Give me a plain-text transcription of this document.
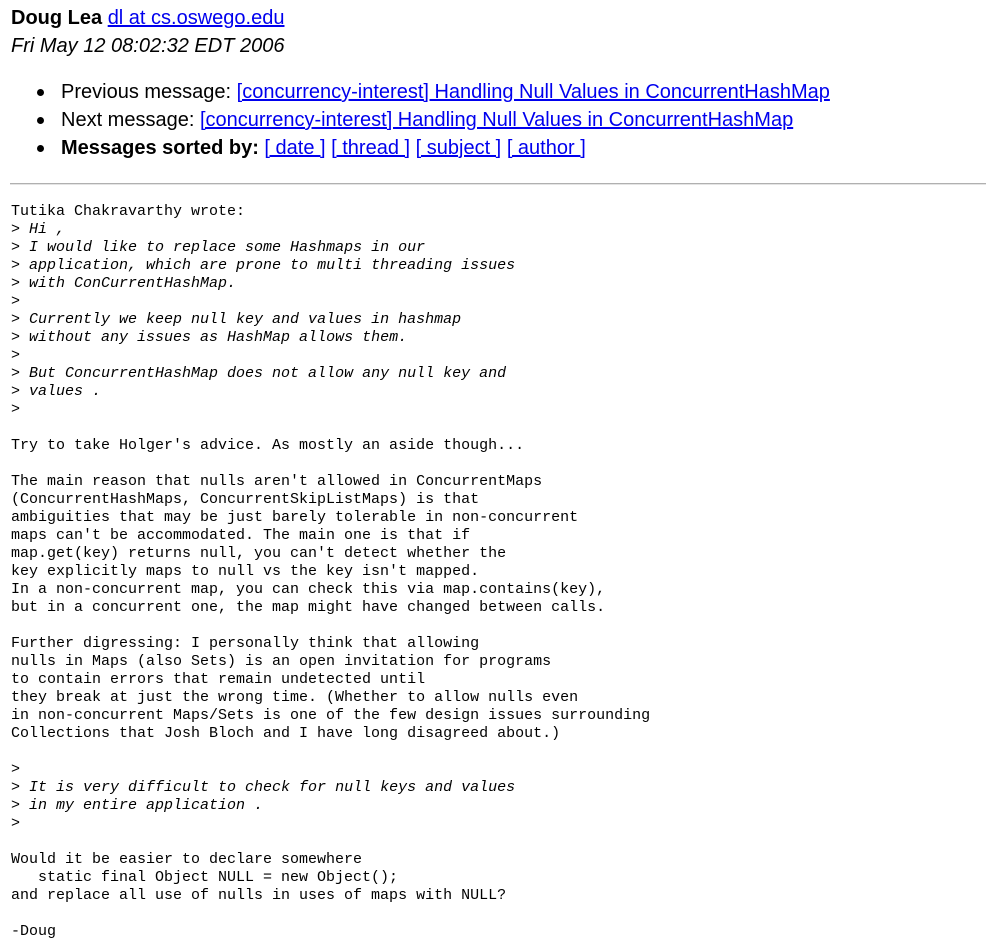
Doug Lea dl at cs.oswego.edu
Fri May 12 08:02:32 EDT 2006
Previous message: [concurrency-interest] Handling Null Values in ConcurrentHashMap
Next message: [concurrency-interest] Handling Null Values in ConcurrentHashMap
Messages sorted by: [ date ] [ thread ] [ subject ] [ author ]
Tutika Chakravarthy wrote:
> Hi ,
> I would like to replace some Hashmaps in our
> application, which are prone to multi threading issues
> with ConCurrentHashMap.
>
> Currently we keep null key and values in hashmap
> without any issues as HashMap allows them.
>
> But ConcurrentHashMap does not allow any null key and
> values .
>

Try to take Holger's advice. As mostly an aside though...

The main reason that nulls aren't allowed in ConcurrentMaps
(ConcurrentHashMaps, ConcurrentSkipListMaps) is that
ambiguities that may be just barely tolerable in non-concurrent
maps can't be accommodated. The main one is that if
map.get(key) returns null, you can't detect whether the
key explicitly maps to null vs the key isn't mapped.
In a non-concurrent map, you can check this via map.contains(key),
but in a concurrent one, the map might have changed between calls.

Further digressing: I personally think that allowing
nulls in Maps (also Sets) is an open invitation for programs
to contain errors that remain undetected until
they break at just the wrong time. (Whether to allow nulls even
in non-concurrent Maps/Sets is one of the few design issues surrounding
Collections that Josh Bloch and I have long disagreed about.)

>
> It is very difficult to check for null keys and values
> in my entire application .
>

Would it be easier to declare somewhere
static final Object NULL = new Object();
and replace all use of nulls in uses of maps with NULL?

-Doug
